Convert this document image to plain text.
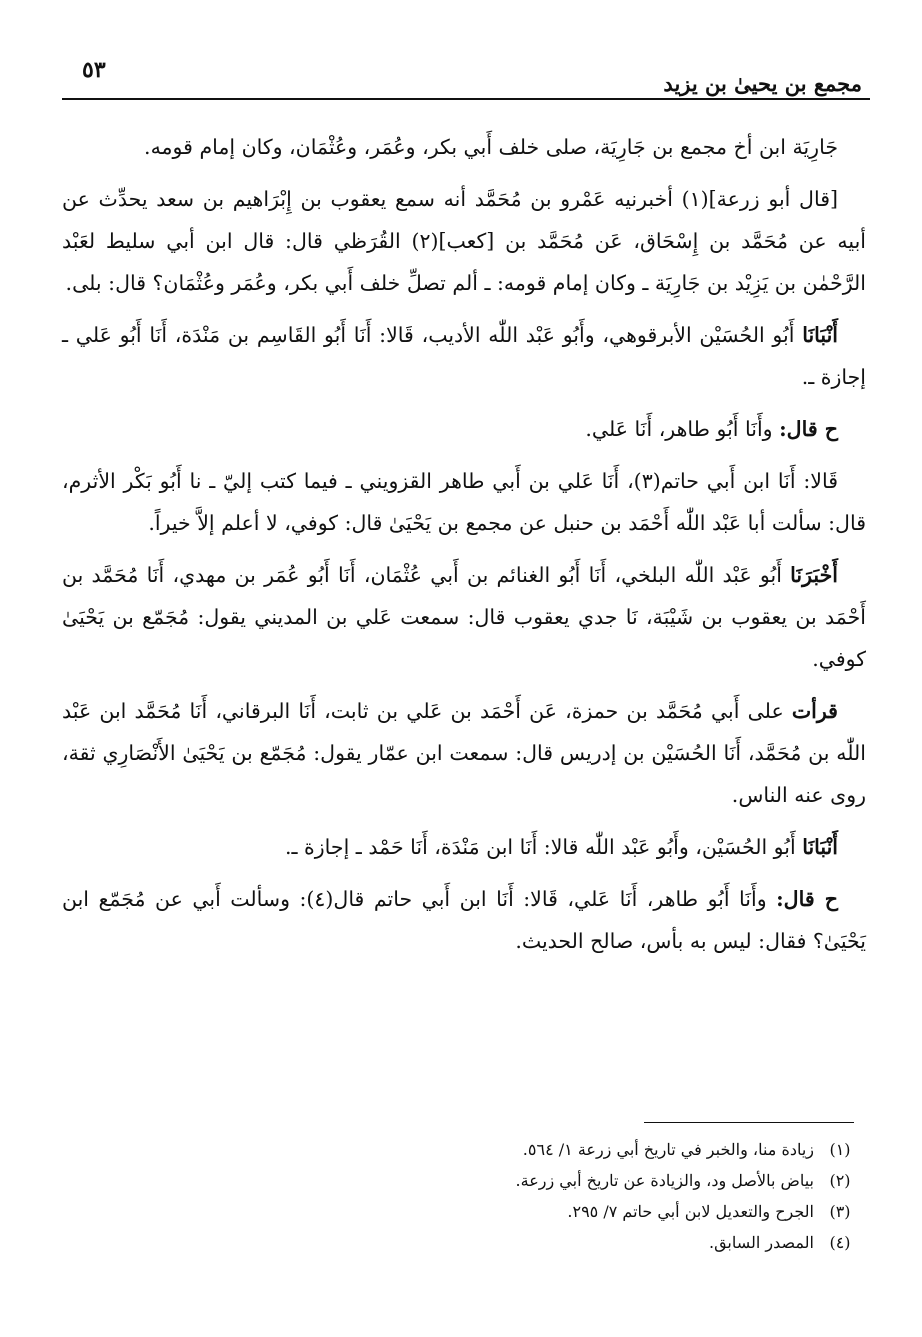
مجمع بن يحيىٰ بن يزيد
٥٣

جَارِيَة ابن أخ مجمع بن جَارِيَة، صلى خلف أَبي بكر، وعُمَر، وعُثْمَان، وكان إمام قومه.

[قال أبو زرعة](١) أخبرنيه عَمْرو بن مُحَمَّد أنه سمع يعقوب بن إِبْرَاهيم بن سعد يحدِّث عن أبيه عن مُحَمَّد بن إِسْحَاق، عَن مُحَمَّد بن [كعب](٢) القُرَظي قال: قال ابن أبي سليط لعَبْد الرَّحْمٰن بن يَزِيْد بن جَارِيَة ـ وكان إمام قومه: ـ ألم تصلِّ خلف أَبي بكر، وعُمَر وعُثْمَان؟ قال: بلى.

أَنْبَانَا أَبُو الحُسَيْن الأبرقوهي، وأَبُو عَبْد اللّٰه الأديب، قَالا: أَنَا أَبُو القَاسِم بن مَنْدَة، أَنَا أَبُو عَلي ـ إجازة ـ.

ح قال: وأَنَا أَبُو طاهر، أَنَا عَلي.

قَالا: أَنَا ابن أَبي حاتم(٣)، أَنَا عَلي بن أَبي طاهر القزويني ـ فيما كتب إليّ ـ نا أَبُو بَكْر الأثرم، قال: سألت أبا عَبْد اللّٰه أَحْمَد بن حنبل عن مجمع بن يَحْيَىٰ قال: كوفي، لا أعلم إلاَّ خيراً.

أَخْبَرَنَا أَبُو عَبْد اللّٰه البلخي، أَنَا أَبُو الغنائم بن أَبي عُثْمَان، أَنَا أَبُو عُمَر بن مهدي، أَنَا مُحَمَّد بن أَحْمَد بن يعقوب بن شَيْبَة، نَا جدي يعقوب قال: سمعت عَلي بن المديني يقول: مُجَمّع بن يَحْيَىٰ كوفي.

قرأت على أَبي مُحَمَّد بن حمزة، عَن أَحْمَد بن عَلي بن ثابت، أَنَا البرقاني، أَنَا مُحَمَّد ابن عَبْد اللّٰه بن مُحَمَّد، أَنَا الحُسَيْن بن إدريس قال: سمعت ابن عمّار يقول: مُجَمّع بن يَحْيَىٰ الأَنْصَارِي ثقة، روى عنه الناس.

أَنْبَانَا أَبُو الحُسَيْن، وأَبُو عَبْد اللّٰه قالا: أَنَا ابن مَنْدَة، أَنَا حَمْد ـ إجازة ـ.

ح قال: وأَنَا أَبُو طاهر، أَنَا عَلي، قَالا: أَنَا ابن أَبي حاتم قال(٤): وسألت أَبي عن مُجَمّع ابن يَحْيَىٰ؟ فقال: ليس به بأس، صالح الحديث.

(١)
زيادة منا، والخبر في تاريخ أبي زرعة ١/ ٥٦٤.
(٢)
بياض بالأصل ود، والزيادة عن تاريخ أبي زرعة.
(٣)
الجرح والتعديل لابن أبي حاتم ٧/ ٢٩٥.
(٤)
المصدر السابق.
